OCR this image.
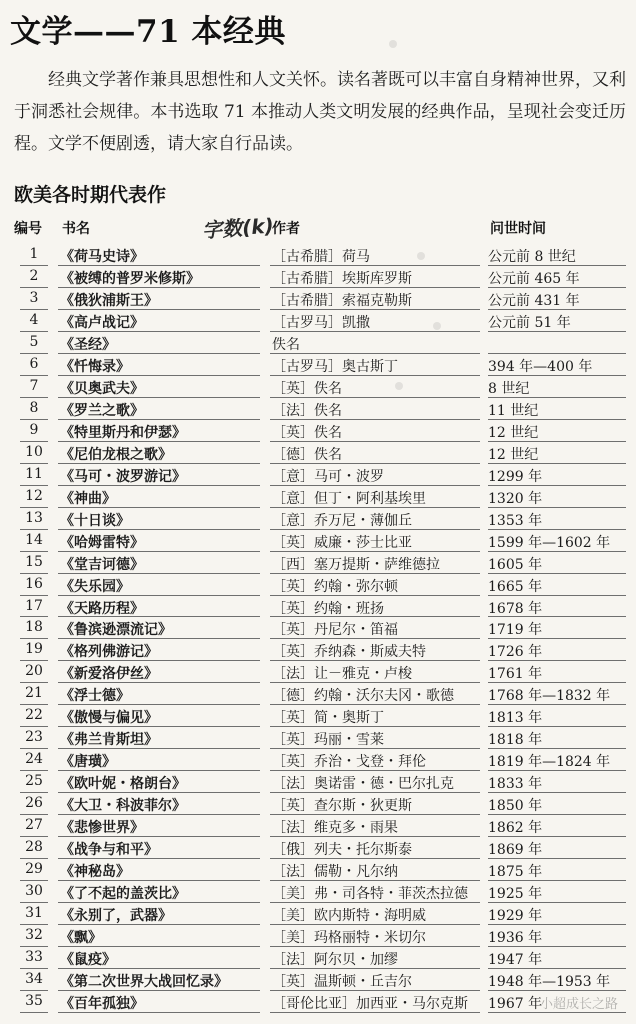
文学——71 本经典

经典文学著作兼具思想性和人文关怀。读名著既可以丰富自身精神世界，又利于洞悉社会规律。本书选取 71 本推动人类文明发展的经典作品，呈现社会变迁历程。文学不便剧透，请大家自行品读。

欧美各时期代表作
编号 书名	作者	问世时间
字数(k)
1	《荷马史诗》	［古希腊］荷马	公元前 8 世纪
2	《被缚的普罗米修斯》	［古希腊］埃斯库罗斯	公元前 465 年
3	《俄狄浦斯王》	［古希腊］索福克勒斯	公元前 431 年
4	《高卢战记》	［古罗马］凯撒	公元前 51 年
5	《圣经》	佚名
6	《忏悔录》	［古罗马］奥古斯丁	394 年—400 年
7	《贝奥武夫》	［英］佚名	8 世纪
8	《罗兰之歌》	［法］佚名	11 世纪
9	《特里斯丹和伊瑟》	［英］佚名	12 世纪
10	《尼伯龙根之歌》	［德］佚名	12 世纪
11	《马可・波罗游记》	［意］马可・波罗	1299 年
12	《神曲》	［意］但丁・阿利基埃里	1320 年
13	《十日谈》	［意］乔万尼・薄伽丘	1353 年
14	《哈姆雷特》	［英］威廉・莎士比亚	1599 年—1602 年
15	《堂吉诃德》	［西］塞万提斯・萨维德拉	1605 年
16	《失乐园》	［英］约翰・弥尔顿	1665 年
17	《天路历程》	［英］约翰・班扬	1678 年
18	《鲁滨逊漂流记》	［英］丹尼尔・笛福	1719 年
19	《格列佛游记》	［英］乔纳森・斯威夫特	1726 年
20	《新爱洛伊丝》	［法］让－雅克・卢梭	1761 年
21	《浮士德》	［德］约翰・沃尔夫冈・歌德 1768 年—1832 年
22	《傲慢与偏见》	［英］简・奥斯丁	1813 年
23	《弗兰肯斯坦》	［英］玛丽・雪莱	1818 年
24	《唐璜》	［英］乔治・戈登・拜伦	1819 年—1824 年
25	《欧叶妮・格朗台》	［法］奥诺雷・德・巴尔扎克 1833 年
26	《大卫・科波菲尔》	［英］查尔斯・狄更斯	1850 年
27	《悲惨世界》	［法］维克多・雨果	1862 年
28	《战争与和平》	［俄］列夫・托尔斯泰	1869 年
29	《神秘岛》	［法］儒勒・凡尔纳	1875 年
30	《了不起的盖茨比》	［美］弗・司各特・菲茨杰拉德 1925 年
31	《永别了，武器》	［美］欧内斯特・海明威	1929 年
32	《飘》	［美］玛格丽特・米切尔	1936 年
33	《鼠疫》	［法］阿尔贝・加缪	1947 年
34	《第二次世界大战回忆录》	［英］温斯顿・丘吉尔	1948 年—1953 年
35	《百年孤独》	［哥伦比亚］加西亚・马尔克斯 1967 年
小超成长之路
